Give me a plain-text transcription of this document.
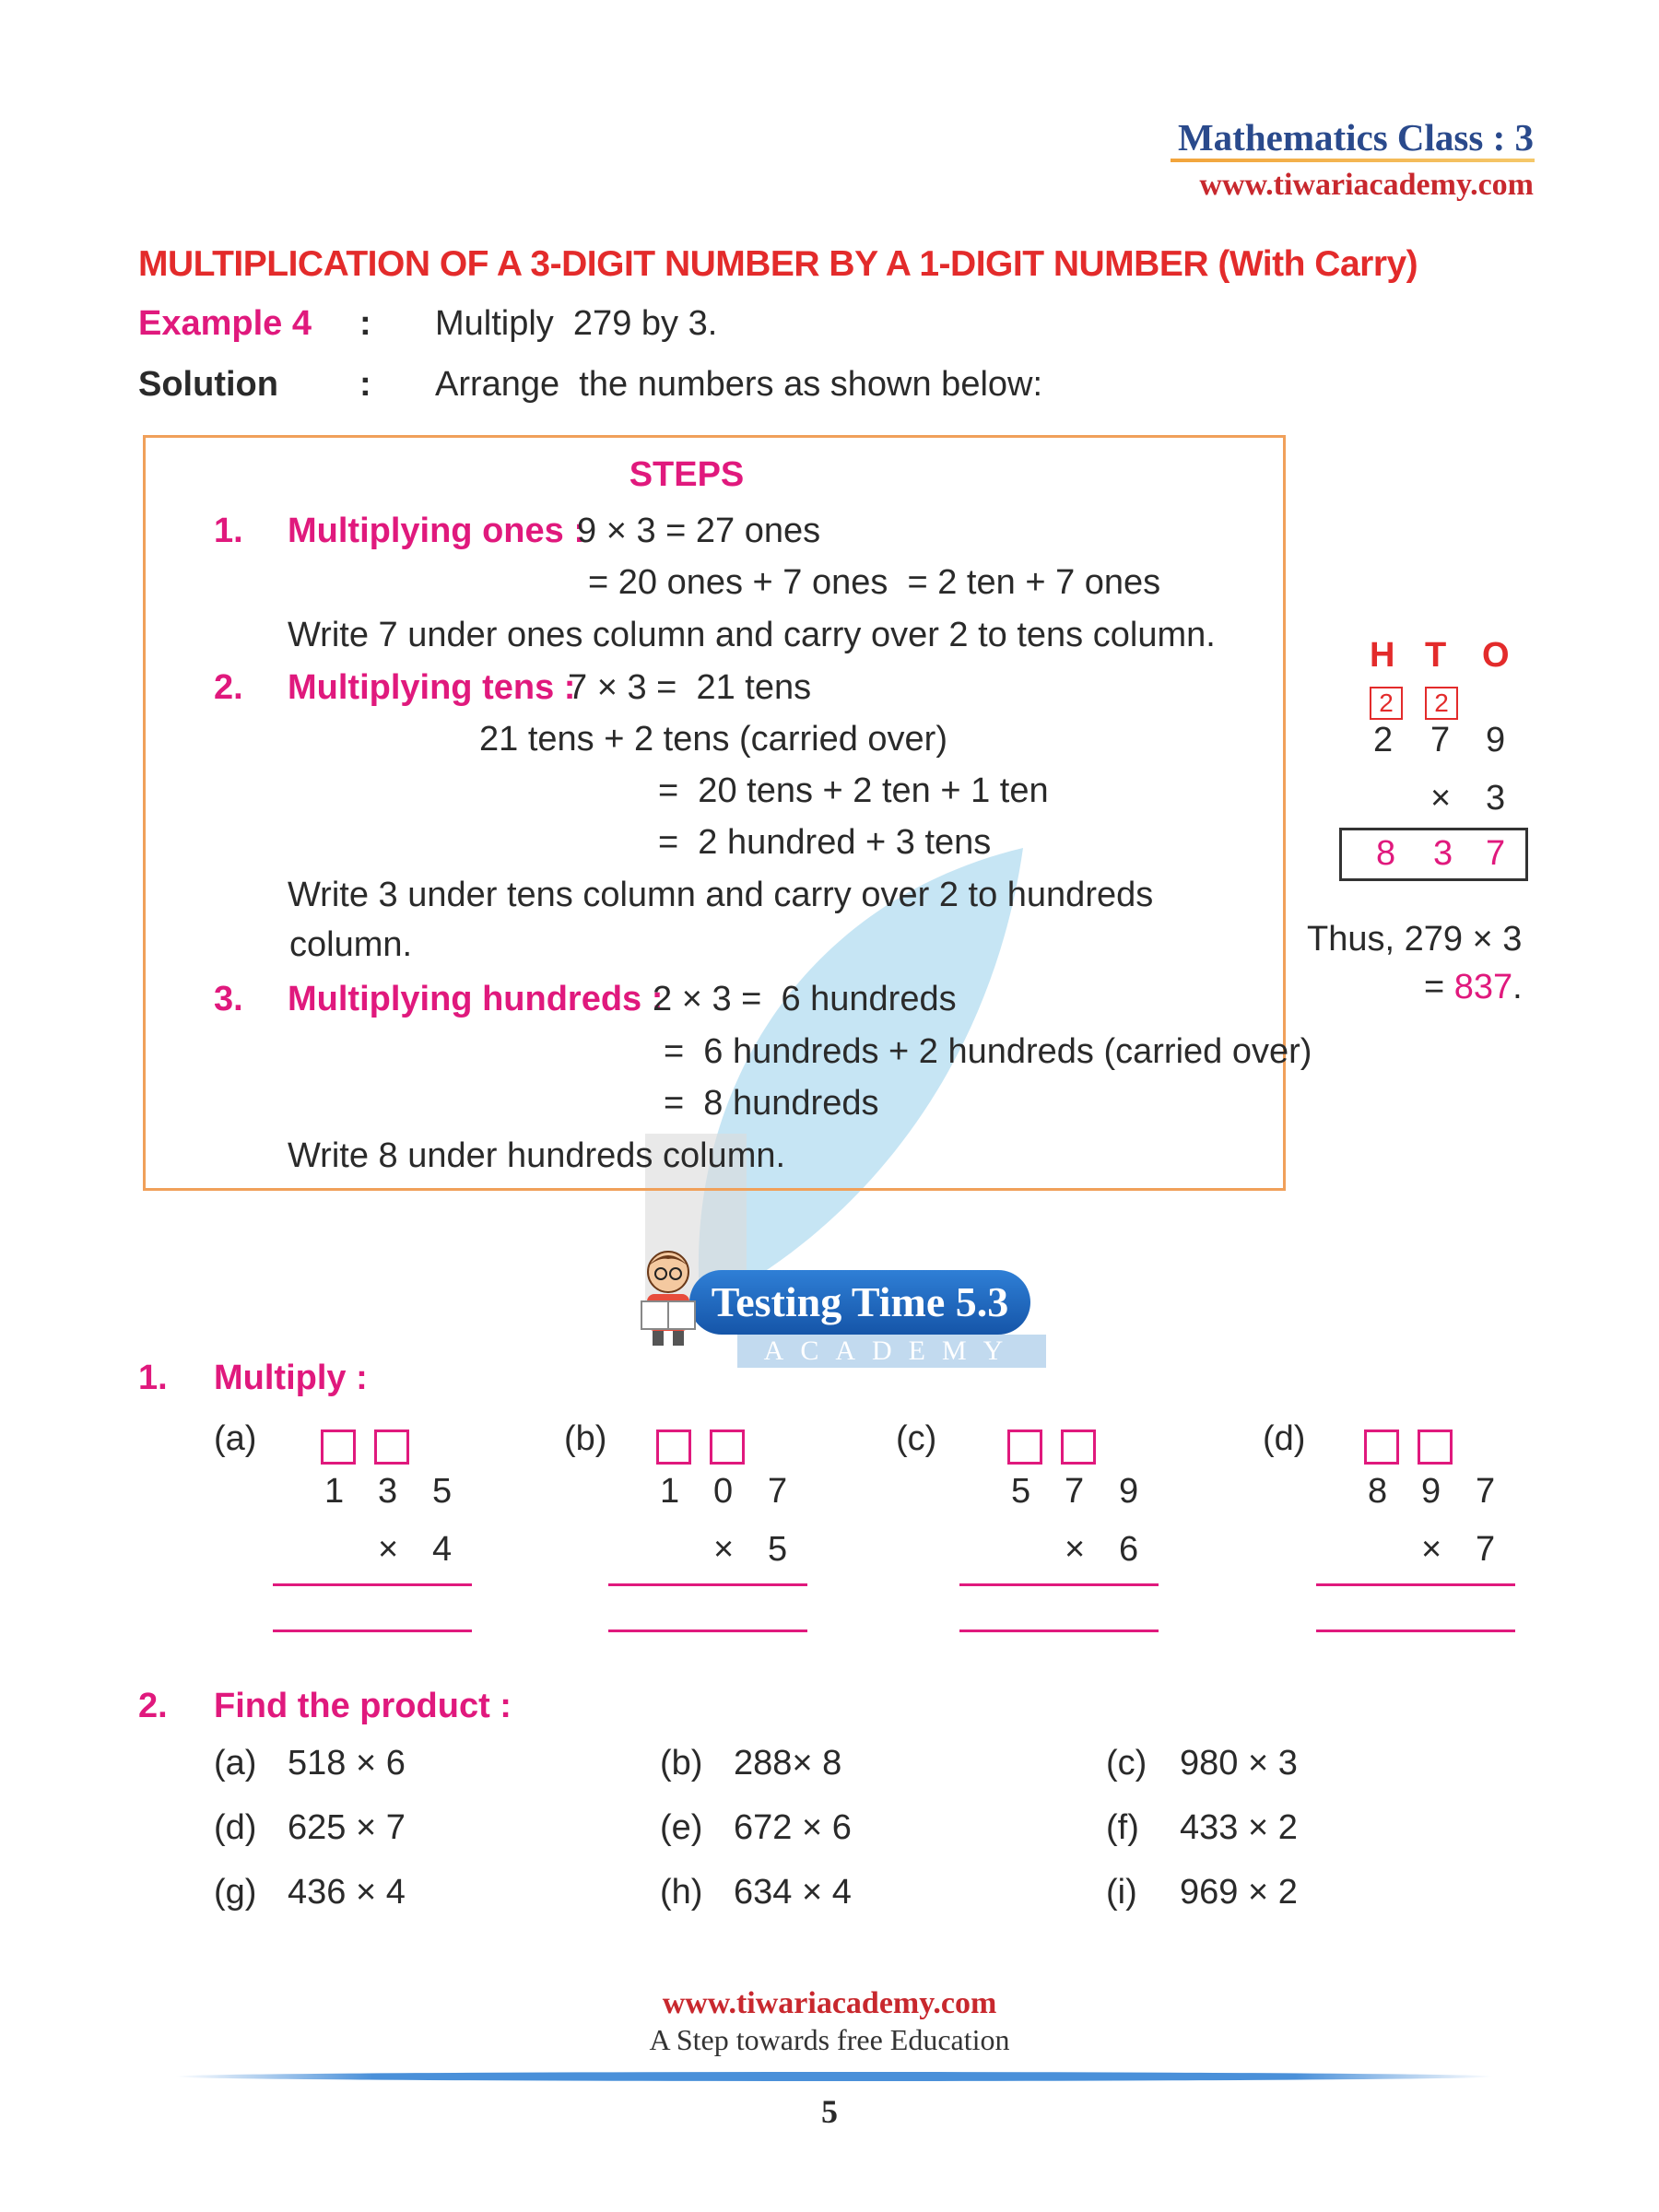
Mathematics Class : 3
www.tiwariacademy.com
MULTIPLICATION OF A 3-DIGIT NUMBER BY A 1-DIGIT NUMBER (With Carry)
Example 4 : Multiply  279 by 3.
Solution : Arrange  the numbers as shown below:
STEPS
1. Multiplying ones :
9 × 3 = 27 ones
= 20 ones + 7 ones  = 2 ten + 7 ones
Write 7 under ones column and carry over 2 to tens column.
2. Multiplying tens :
7 × 3 =  21 tens
21 tens + 2 tens (carried over)
=  20 tens + 2 ten + 1 ten
=  2 hundred + 3 tens
Write 3 under tens column and carry over 2 to hundreds
column.
3. Multiplying hundreds :
2 × 3 =  6 hundreds
=  6 hundreds + 2 hundreds (carried over)
=  8 hundreds
Write 8 under hundreds column.
H T O
2	2
2 7 9
× 3
8 3 7
Thus, 279 × 3
= 837.
ACADEMY
Testing Time 5.3
1. Multiply :
(a)
1 3 5
× 4
(b)
1 0 7
× 5
(c)
5 7 9
× 6
(d)
8 9 7
× 7
2. Find the product :
(a) 518 × 6	(b) 288× 8	(c) 980 × 3
(d) 625 × 7	(e) 672 × 6	(f) 433 × 2
(g) 436 × 4	(h) 634 × 4	(i) 969 × 2
www.tiwariacademy.com
A Step towards free Education
5
